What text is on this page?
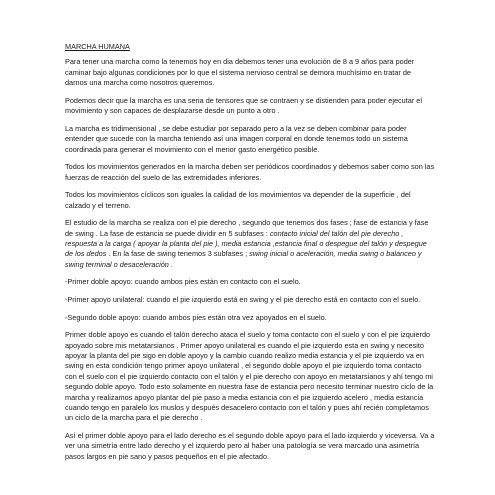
MARCHA HUMANA

Para tener una marcha como la tenemos hoy en dia debemos tener una evolución de 8 a 9 años para poder caminar bajo algunas condiciones por lo que el sistema nervioso central se demora muchísimo en tratar de darnos una marcha como nosotros queremos.

Podemos decir que la marcha es una seria de tensores que se contraen y se distienden para poder ejecutar el movimiento y son capaces de desplazarse desde un punto a otro .

La marcha es tridimensional , se debe estudiar por separado pero a la vez se deben combinar para poder entender que sucede con la marcha teniendo así una imagen corporal en donde tenemos todo un sistema coordinada para generar el movimiento con el menor gasto energético posible.

Todos los movimientos generados en la marcha deben ser periódicos coordinados y debemos saber como son las fuerzas de reacción del suelo de las extremidades inferiores.

Todos los movimientos cíclicos son iguales la calidad de los movimientos va depender de la superficie , del calzado y el terreno.

El estudio de la marcha se realiza con el pie derecho , segundo que tenemos dos fases ; fase de estancia y fase de swing . La fase de estancia se puede dividir en 5 subfases : contacto inicial del talón del pie derecho , respuesta a la carga ( apoyar la planta del pie ), media estancia ,estancia final o despegue del talón y despegue de los dedos . En la fase de swing tenemos 3 subfases ; swing inicial o aceleración, media swing o balanceo y swing terminal o desaceleración .

-Primer doble apoyo: cuando ambos pies están en contacto con el suelo.

-Primer apoyo unilateral: cuando el pie izquierdo está en swing y el pie derecho está en contacto con el suelo.

-Segundo doble apoyo: cuando ambos pies están otra vez apoyados en el suelo.

Primer doble apoyo es cuando el talón derecho ataca el suelo y toma contacto con el suelo y con el pie izquierdo apoyado sobre mis metatarsianos . Primer apoyo unilateral es cuando el pie izquierdo esta en swing y necesito apoyar la planta del pie sigo en doble apoyo y la cambio cuando realizo media estancia y el pie izquierdo va en swing en esta condición tengo primer apoyo unilateral , el segundo doble apoyo el pie izquierdo toma contacto con el suelo con el pie izquierdo contacto con el talón y el pie derecho con apoyo en metatarsianos y ahí tengo mi segundo doble apoyo. Todo esto solamente en nuestra fase de estancia pero necesito terminar nuestro ciclo de la marcha y realizamos apoyo plantar del pie paso a media estancia con el pie izquierdo acelero , media estancia cuando tengo en paralelo los muslos y después desacelero contacto con el talón y pues ahí recién completamos un ciclo de la marcha para el pie derecho .

Así el primer doble apoyo para el lado derecho es el segundo doble apoyo para el lado izquierdo y viceversa. Va a ver una simetría entre lado derecho y el izquierdo pero al haber una patología se vera marcado una asimetría pasos largos en pie sano y pasos pequeños en el pie afectado.
